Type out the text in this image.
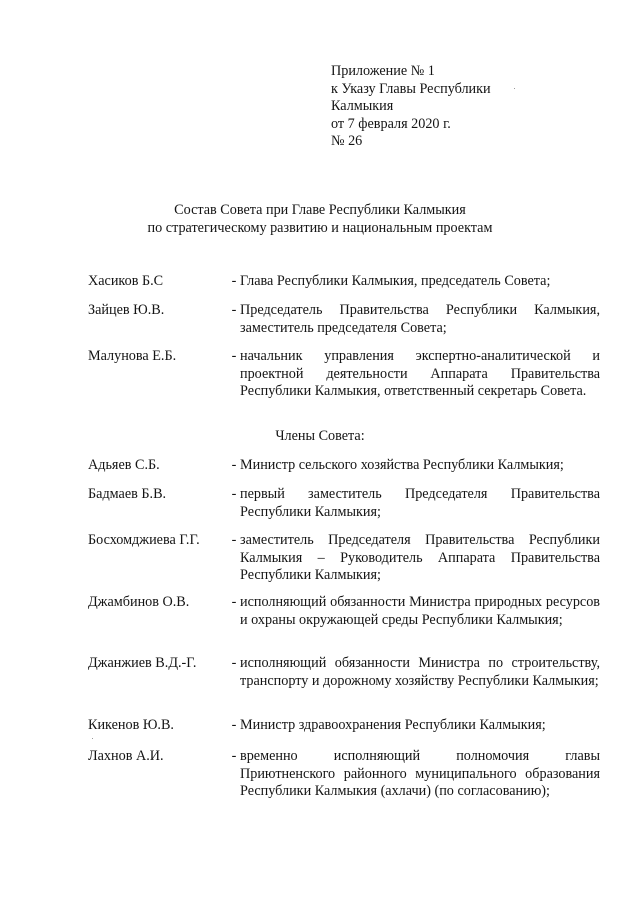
Приложение № 1
к Указу Главы Республики
Калмыкия
от 7 февраля 2020 г.
№ 26
Состав Совета при Главе Республики Калмыкия
по стратегическому развитию и национальным проектам
Хасиков Б.С	- Глава Республики Калмыкия, председатель Совета;
Зайцев Ю.В.	- Председатель Правительства Республики Калмыкия, заместитель председателя Совета;
Малунова Е.Б.	- начальник управления экспертно-аналитической и проектной деятельности Аппарата Правительства Республики Калмыкия, ответственный секретарь Совета.
Члены Совета:
Адьяев С.Б.	- Министр сельского хозяйства Республики Калмыкия;
Бадмаев Б.В.	- первый заместитель Председателя Правительства Республики Калмыкия;
Босхомджиева Г.Г.	- заместитель Председателя Правительства Республики Калмыкия – Руководитель Аппарата Правительства Республики Калмыкия;
Джамбинов О.В.	- исполняющий обязанности Министра природных ресурсов и охраны окружающей среды Республики Калмыкия;
Джанжиев В.Д.-Г.	- исполняющий обязанности Министра по строительству, транспорту и дорожному хозяйству Республики Калмыкия;
Кикенов Ю.В.	- Министр здравоохранения Республики Калмыкия;
Лахнов А.И.	- временно исполняющий полномочия главы Приютненского районного муниципального образования Республики Калмыкия (ахлачи) (по согласованию);
